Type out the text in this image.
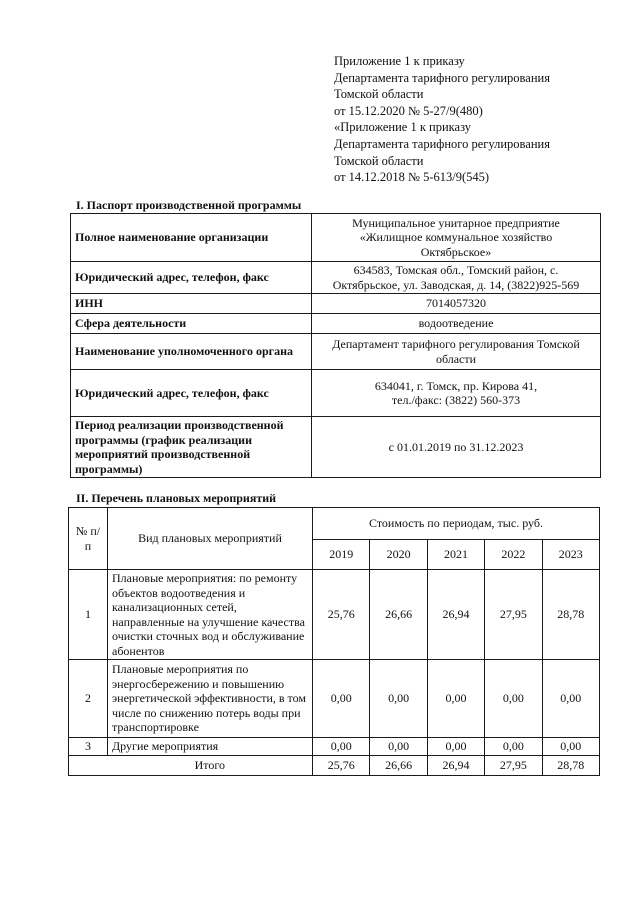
Приложение 1 к приказу
Департамента тарифного регулирования
Томской области
от 15.12.2020 № 5-27/9(480)
«Приложение 1 к приказу
Департамента тарифного регулирования
Томской области
от 14.12.2018 № 5-613/9(545)
I. Паспорт производственной программы
Полное наименование организации	Муниципальное унитарное предприятие
«Жилищное коммунальное хозяйство
Октябрьское»

Юридический адрес, телефон, факс	634583, Томская обл., Томский район, с.
Октябрьское, ул. Заводская, д. 14, (3822)925-569

ИНН	7014057320

Сфера деятельности	водоотведение

Наименование уполномоченного органа	Департамент тарифного регулирования Томской
области

Юридический адрес, телефон, факс	634041, г. Томск, пр. Кирова 41,
тел./факс: (3822) 560-373

Период реализации производственной программы (график реализации мероприятий производственной программы)	с 01.01.2019 по 31.12.2023
II. Перечень плановых мероприятий
№ п/п	Вид плановых мероприятий	Стоимость по периодам, тыс. руб.				
		2019	2020	2021	2022	2023
1	Плановые мероприятия: по ремонту объектов водоотведения и канализационных сетей, направленные на улучшение качества очистки сточных вод и обслуживание абонентов	25,76	26,66	26,94	27,95	28,78
2	Плановые мероприятия по энергосбережению и повышению энергетической эффективности, в том числе по снижению потерь воды при транспортировке	0,00	0,00	0,00	0,00	0,00
3	Другие мероприятия	0,00	0,00	0,00	0,00	0,00
	Итого	25,76	26,66	26,94	27,95	28,78
